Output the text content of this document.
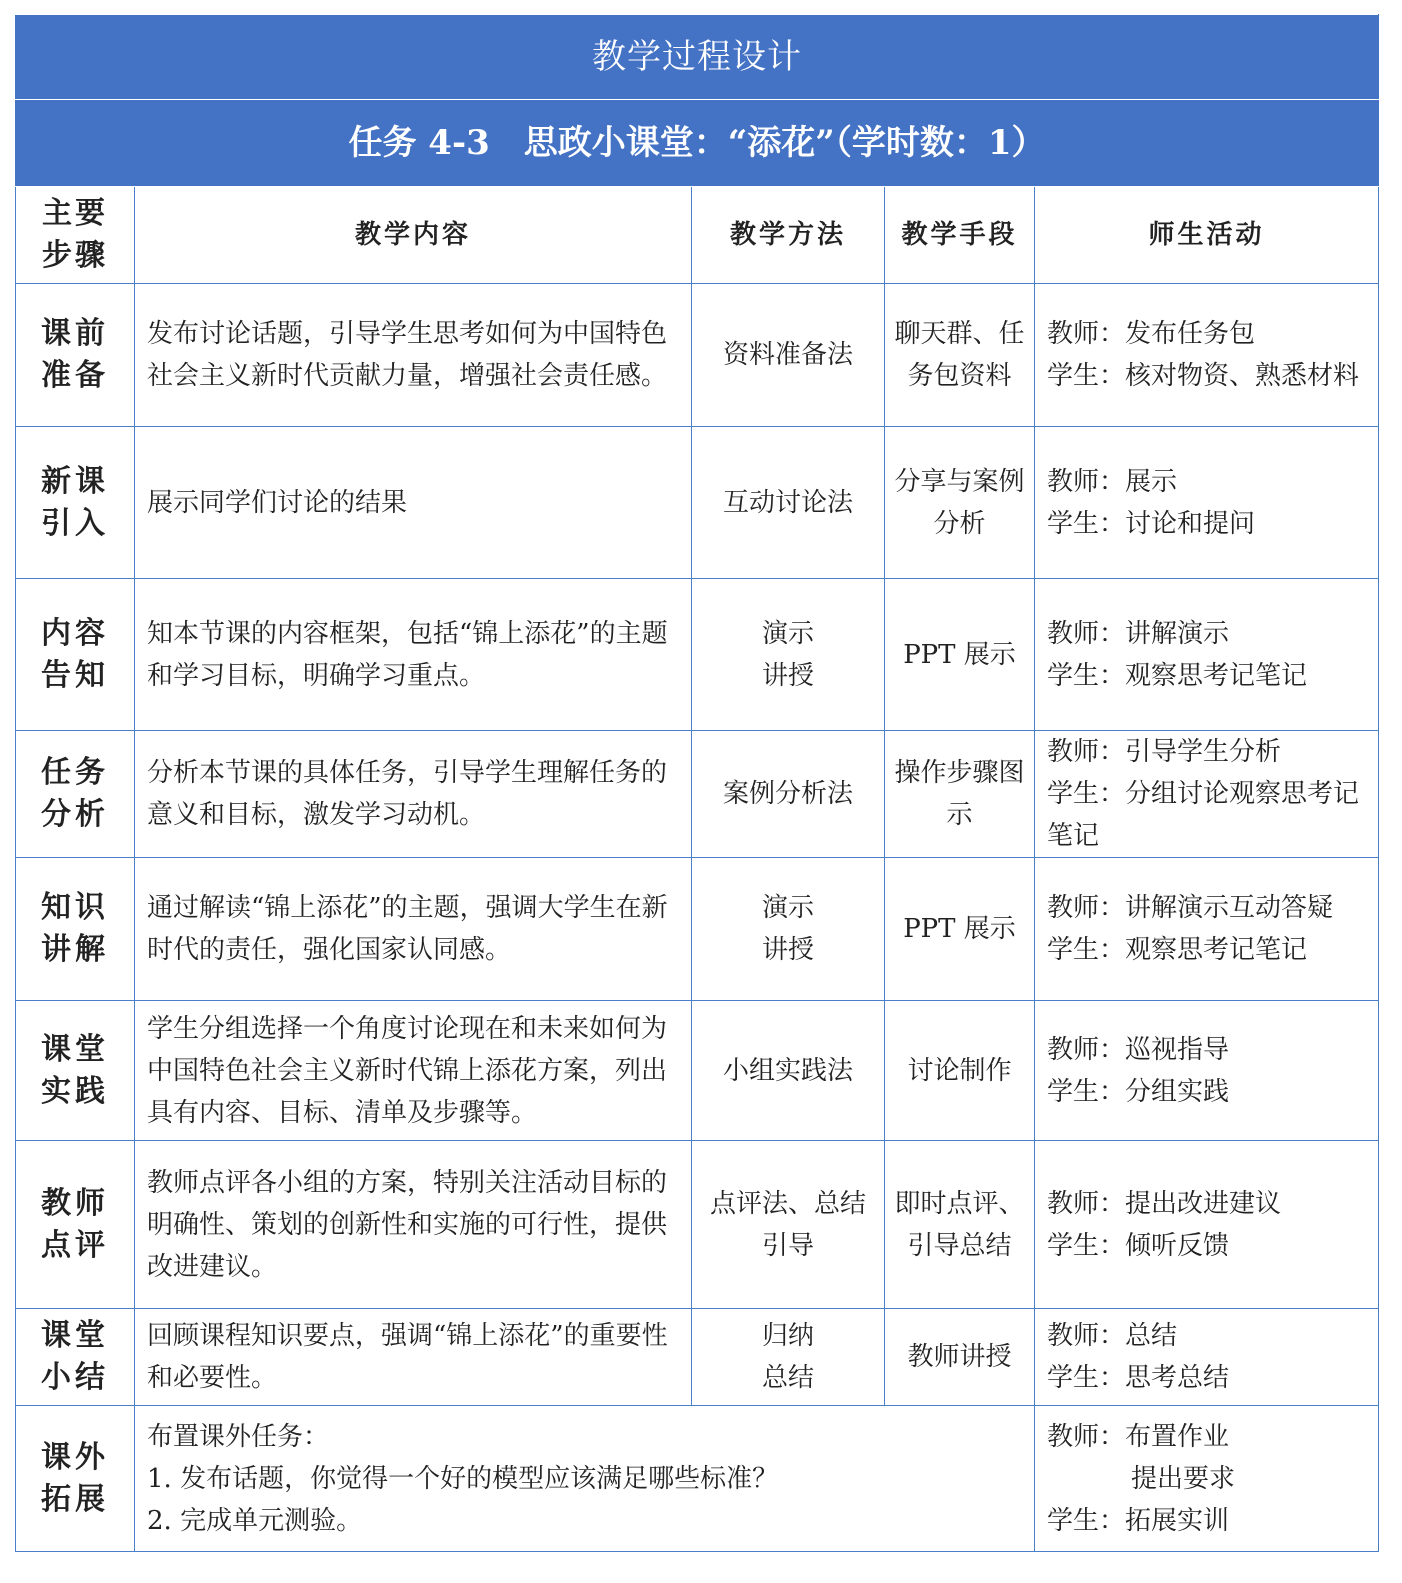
教学过程设计				
任务 4-3　思政小课堂：“添花”（学时数：1）				

主要
步骤	教学内容	教学方法	教学手段	师生活动

课前
准备	发布讨论话题，引导学生思考如何为中国特色社会主义新时代贡献力量，增强社会责任感。	资料准备法	聊天群、任务包资料	教师：发布任务包
学生：核对物资、熟悉材料

新课
引入	展示同学们讨论的结果	互动讨论法	分享与案例分析	教师：展示
学生：讨论和提问

内容
告知	知本节课的内容框架，包括“锦上添花”的主题和学习目标，明确学习重点。	演示
讲授	PPT 展示	教师：讲解演示
学生：观察思考记笔记

任务
分析	分析本节课的具体任务，引导学生理解任务的意义和目标，激发学习动机。	案例分析法	操作步骤图示	教师：引导学生分析
学生：分组讨论观察思考记笔记

知识
讲解	通过解读“锦上添花”的主题，强调大学生在新时代的责任，强化国家认同感。	演示
讲授	PPT 展示	教师：讲解演示互动答疑
学生：观察思考记笔记

课堂
实践	学生分组选择一个角度讨论现在和未来如何为中国特色社会主义新时代锦上添花方案，列出具有内容、目标、清单及步骤等。	小组实践法	讨论制作	教师：巡视指导
学生：分组实践

教师
点评	教师点评各小组的方案，特别关注活动目标的明确性、策划的创新性和实施的可行性，提供改进建议。	点评法、总结引导	即时点评、引导总结	教师：提出改进建议
学生：倾听反馈

课堂
小结	回顾课程知识要点，强调“锦上添花”的重要性和必要性。	归纳
总结	教师讲授	教师：总结
学生：思考总结

课外
拓展	布置课外任务：
1. 发布话题，你觉得一个好的模型应该满足哪些标准？
2. 完成单元测验。			教师：布置作业
提出要求
学生：拓展实训
